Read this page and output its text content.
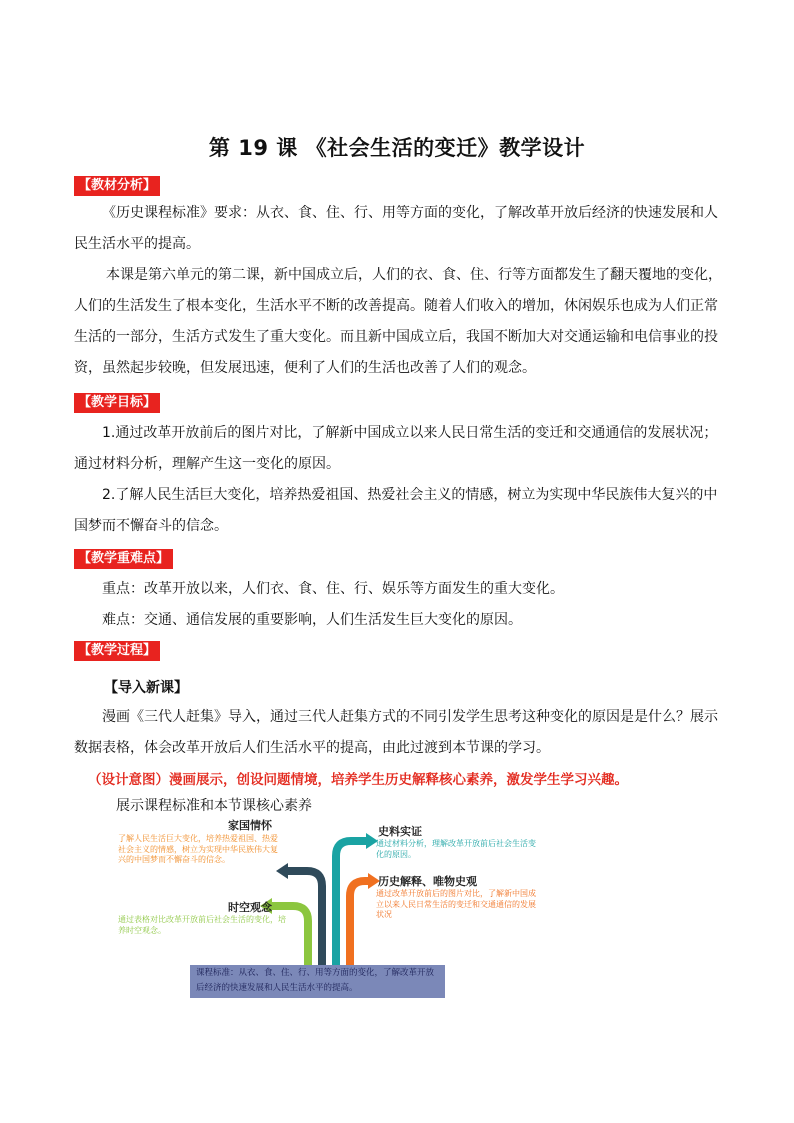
第 19 课 《社会生活的变迁》教学设计
【教材分析】

《历史课程标准》要求：从衣、食、住、行、用等方面的变化，了解改革开放后经济的快速发展和人民生活水平的提高。

本课是第六单元的第二课，新中国成立后，人们的衣、食、住、行等方面都发生了翻天覆地的变化，人们的生活发生了根本变化，生活水平不断的改善提高。随着人们收入的增加，休闲娱乐也成为人们正常生活的一部分，生活方式发生了重大变化。而且新中国成立后，我国不断加大对交通运输和电信事业的投资，虽然起步较晚，但发展迅速，便利了人们的生活也改善了人们的观念。

【教学目标】

1.通过改革开放前后的图片对比，了解新中国成立以来人民日常生活的变迁和交通通信的发展状况；通过材料分析，理解产生这一变化的原因。

2.了解人民生活巨大变化，培养热爱祖国、热爱社会主义的情感，树立为实现中华民族伟大复兴的中国梦而不懈奋斗的信念。

【教学重难点】

重点：改革开放以来，人们衣、食、住、行、娱乐等方面发生的重大变化。

难点：交通、通信发展的重要影响，人们生活发生巨大变化的原因。

【教学过程】
【导入新课】

漫画《三代人赶集》导入，通过三代人赶集方式的不同引发学生思考这种变化的原因是是什么？展示数据表格，体会改革开放后人们生活水平的提高，由此过渡到本节课的学习。

（设计意图）漫画展示，创设问题情境，培养学生历史解释核心素养，激发学生学习兴趣。
展示课程标准和本节课核心素养
家国情怀
了解人民生活巨大变化，培养热爱祖国、热爱社会主义的情感，树立为实现中华民族伟大复兴的中国梦而不懈奋斗的信念。
时空观念
通过表格对比改革开放前后社会生活的变化，培养时空观念。
史料实证
通过材料分析，理解改革开放前后社会生活变化的原因。
历史解释、唯物史观
通过改革开放前后的图片对比，了解新中国成立以来人民日常生活的变迁和交通通信的发展状况
课程标准：从衣、食、住、行、用等方面的变化，了解改革开放后经济的快速发展和人民生活水平的提高。
